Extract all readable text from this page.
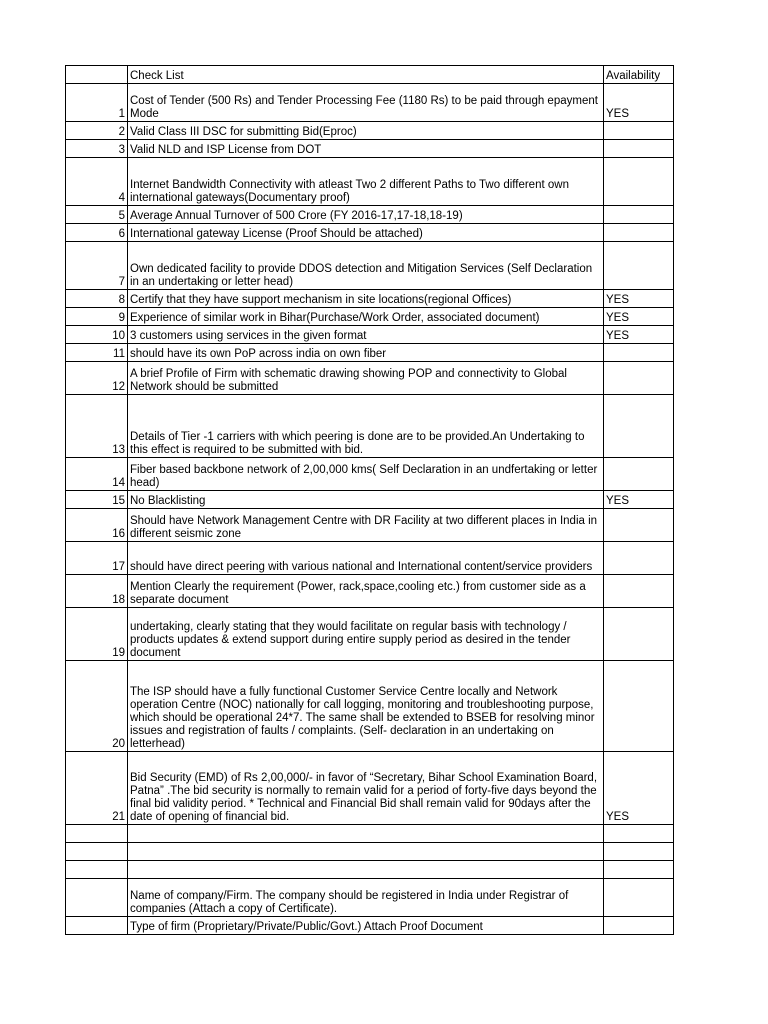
	Check List	Availability
1	Cost of Tender (500 Rs) and Tender Processing Fee (1180 Rs) to be paid through epayment Mode	YES
2	Valid Class III DSC for submitting Bid(Eproc)	
3	Valid NLD and ISP License from DOT	
4	Internet Bandwidth Connectivity with atleast Two 2 different Paths to Two different own international gateways(Documentary proof)	
5	Average Annual Turnover of 500 Crore (FY 2016-17,17-18,18-19)	
6	International gateway License (Proof Should be attached)	
7	Own dedicated facility to provide DDOS detection and Mitigation Services (Self Declaration in an undertaking or letter head)	
8	Certify that they have support mechanism in site locations(regional Offices)	YES
9	Experience of similar work in Bihar(Purchase/Work Order, associated document)	YES
10	3 customers using services in the given format	YES
11	should have its own PoP across india on own fiber	
12	A brief Profile of Firm with schematic drawing showing POP and connectivity to Global Network should be submitted	
13	Details of Tier -1 carriers with which peering is done are to be provided.An Undertaking to this effect is required to be submitted with bid.	
14	Fiber based backbone network of 2,00,000 kms( Self Declaration in an undfertaking or letter head)	
15	No Blacklisting	YES
16	Should have Network Management Centre with DR Facility at two different places in India in different seismic zone	
17	should have direct peering with various national and International content/service providers	
18	Mention Clearly the requirement (Power, rack,space,cooling etc.) from customer side as a separate document	
19	undertaking, clearly stating that they would facilitate on regular basis with technology / products updates & extend support during entire supply period as desired in the tender document	
20	The ISP should have a fully functional Customer Service Centre locally and Network operation Centre (NOC) nationally for call logging, monitoring and troubleshooting purpose, which should be operational 24*7. The same shall be extended to BSEB for resolving minor issues and registration of faults / complaints. (Self- declaration in an undertaking on letterhead)	
21	Bid Security (EMD) of Rs 2,00,000/- in favor of “Secretary, Bihar School Examination Board, Patna” .The bid security is normally to remain valid for a period of forty-five days beyond the final bid validity period. * Technical and Financial Bid shall remain valid for 90days after the date of opening of financial bid.	YES

	Name of company/Firm. The company should be registered in India under Registrar of companies (Attach a copy of Certificate).	
	Type of firm (Proprietary/Private/Public/Govt.) Attach Proof Document	
